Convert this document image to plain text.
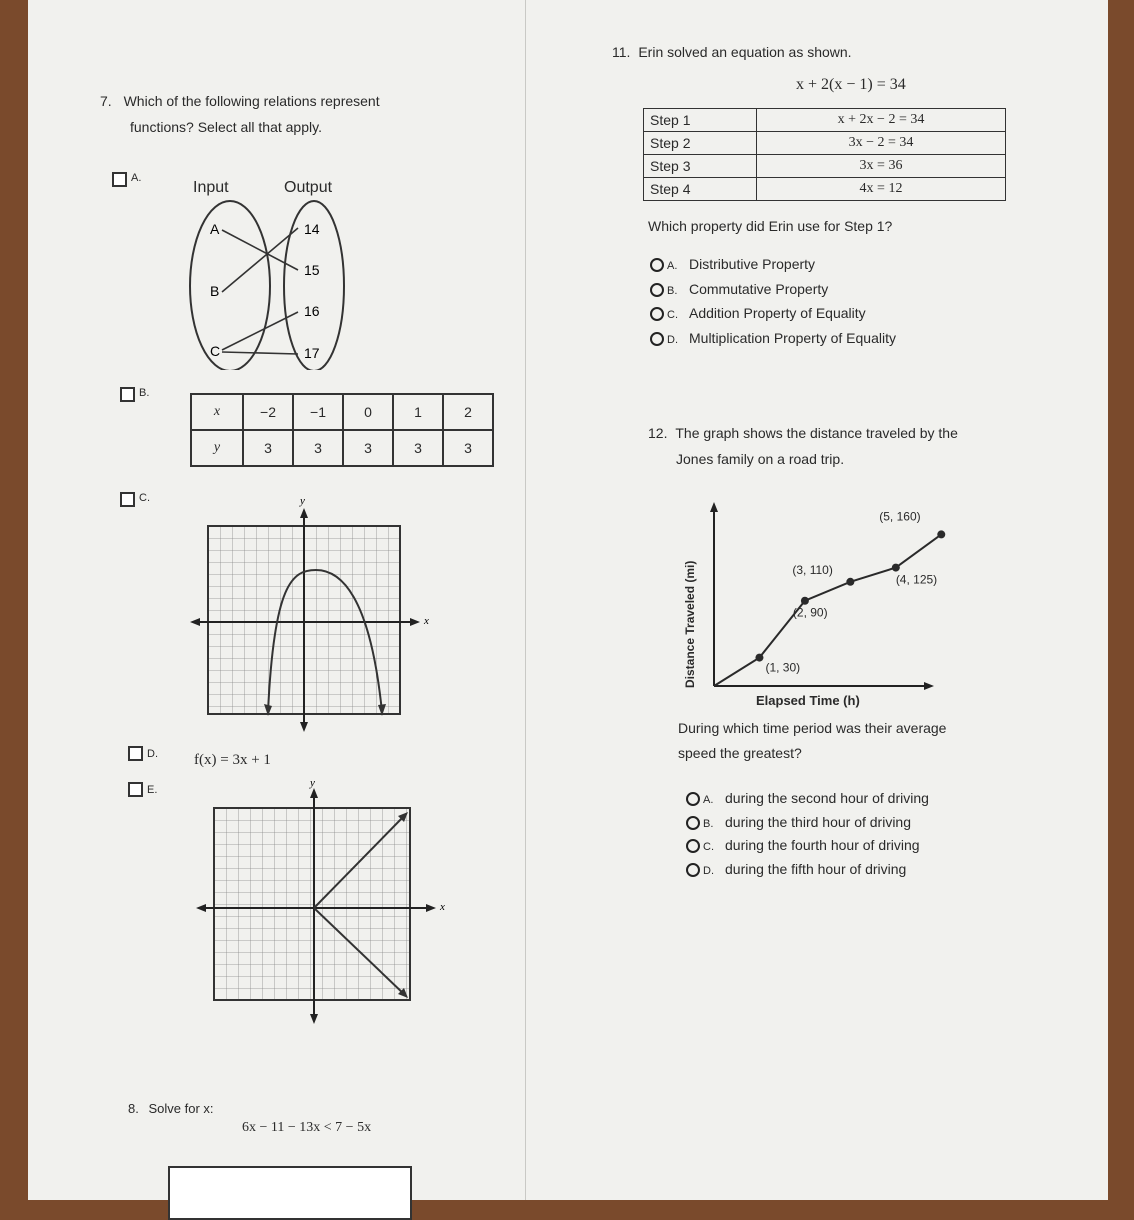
7. Which of the following relations represent
functions? Select all that apply.
A.
Input	Output
A
B
C
14
15
16
17
B.
x	−2	−1	0	1	2
y	3	3	3	3	3
C.	y
x
D. f(x) = 3x + 1
E.
y
x
8. Solve for x:
6x − 11 − 13x < 7 − 5x
11. Erin solved an equation as shown.
x + 2(x − 1) = 34
Step 1	x + 2x − 2 = 34
Step 2	3x − 2 = 34
Step 3	3x = 36
Step 4	4x = 12
Which property did Erin use for Step 1?
A. Distributive Property
B. Commutative Property
C. Addition Property of Equality
D. Multiplication Property of Equality
12. The graph shows the distance traveled by the
Jones family on a road trip.
Distance Traveled (mi)
Elapsed Time (h)
(1, 30)
(2, 90)
(3, 110)
(4, 125)
(5, 160)
During which time period was their average
speed the greatest?
A. during the second hour of driving
B. during the third hour of driving
C. during the fourth hour of driving
D. during the fifth hour of driving
